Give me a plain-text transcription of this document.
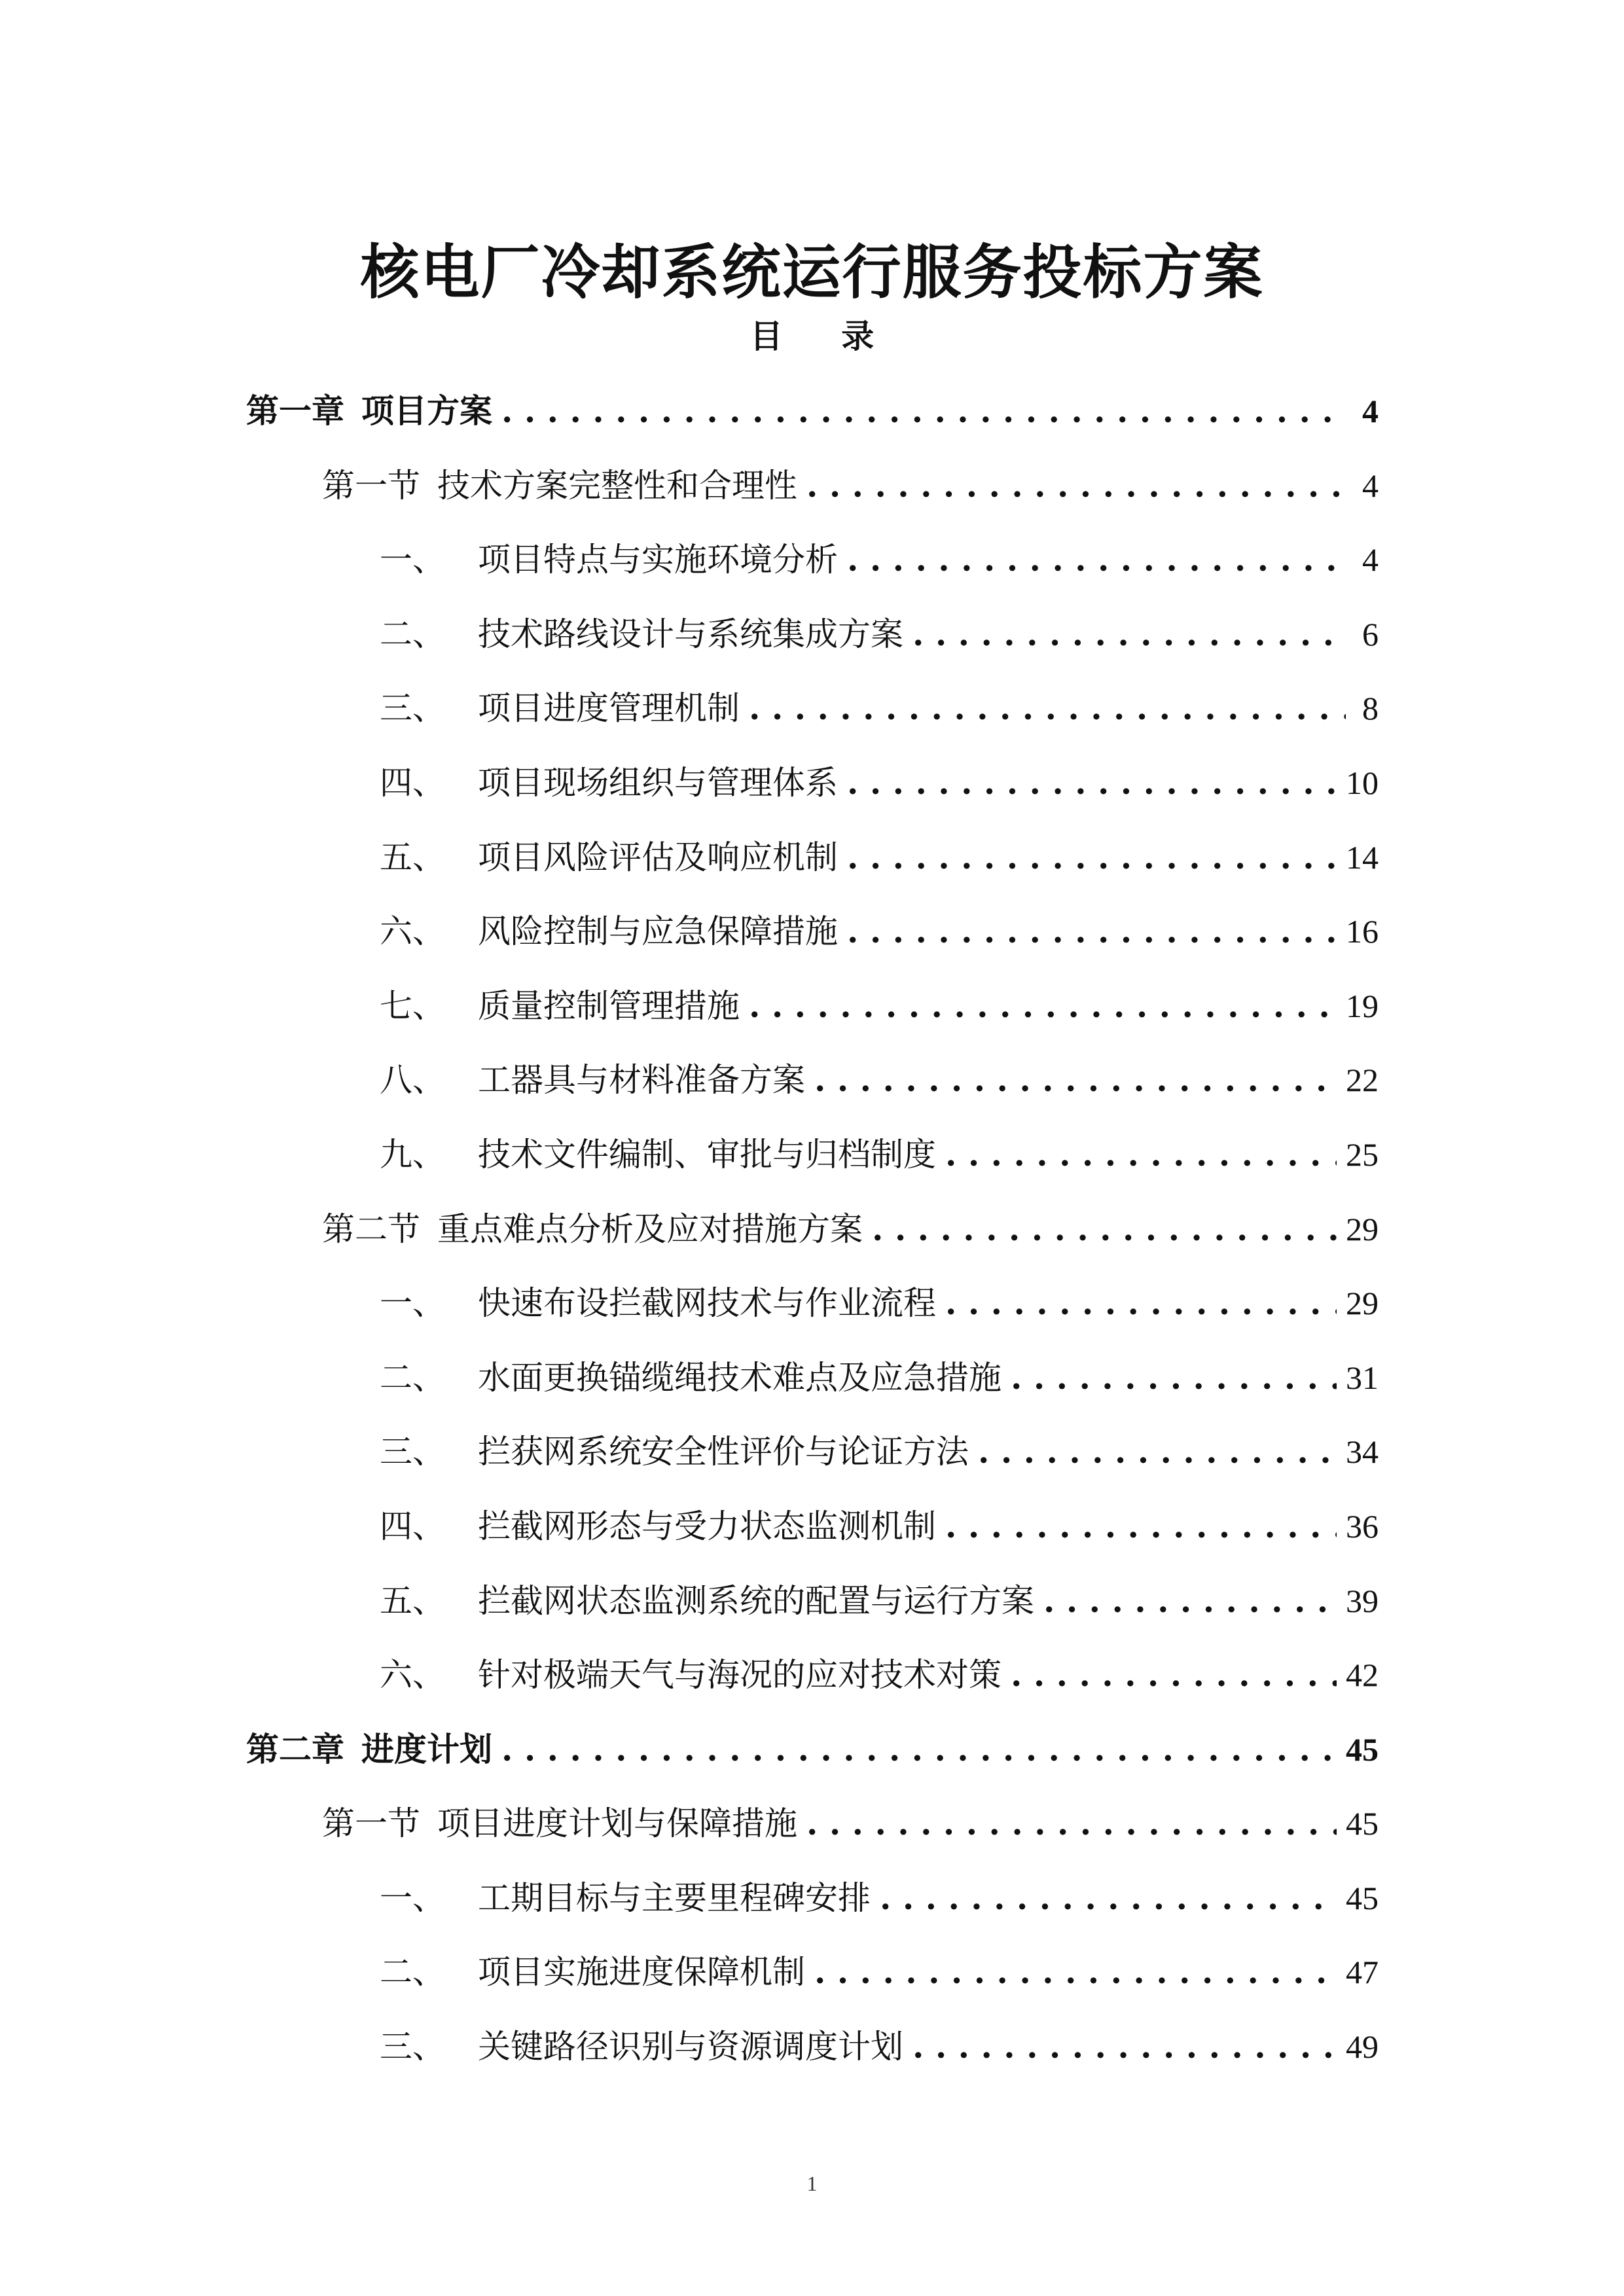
核电厂冷却系统运行服务投标方案
目 录
第一章 项目方案 . . .	4
第一节 技术方案完整性和合理性 . . .	4
一、	项目特点与实施环境分析 . . .	4
二、	技术路线设计与系统集成方案 . . .	6
三、	项目进度管理机制 . . .	8
四、	项目现场组织与管理体系 . . .	10
五、	项目风险评估及响应机制 . . .	14
六、	风险控制与应急保障措施 . . .	16
七、	质量控制管理措施 . . .	19
八、	工器具与材料准备方案 . . .	22
九、	技术文件编制、审批与归档制度 . . .	25
第二节 重点难点分析及应对措施方案 . . .	29
一、	快速布设拦截网技术与作业流程 . . .	29
二、	水面更换锚缆绳技术难点及应急措施 . . .	31
三、	拦获网系统安全性评价与论证方法 . . .	34
四、	拦截网形态与受力状态监测机制 . . .	36
五、	拦截网状态监测系统的配置与运行方案 . . .	39
六、	针对极端天气与海况的应对技术对策 . . .	42
第二章 进度计划 . . .	45
第一节 项目进度计划与保障措施 . . .	45
一、	工期目标与主要里程碑安排 . . .	45
二、	项目实施进度保障机制 . . .	47
三、	关键路径识别与资源调度计划 . . .	49
1
